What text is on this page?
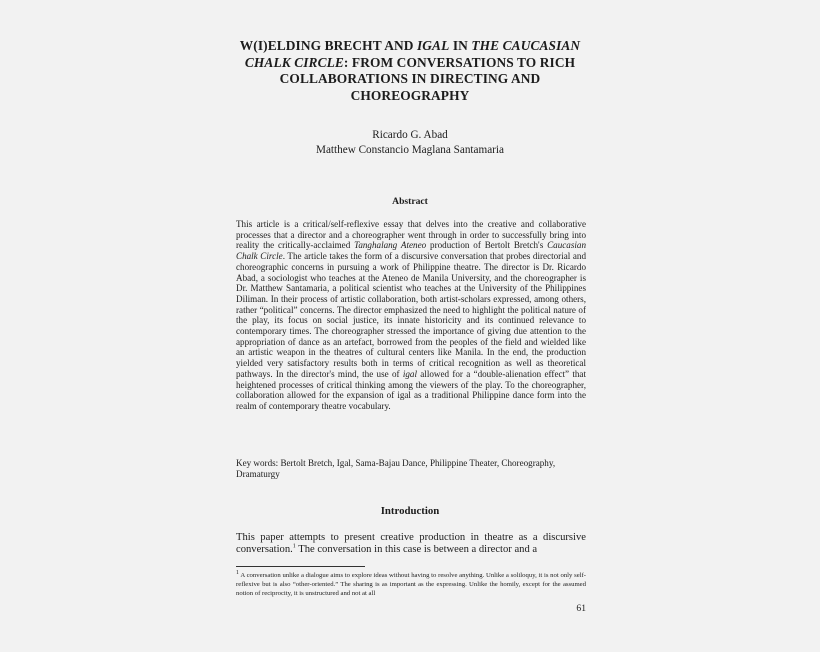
W(I)ELDING BRECHT AND IGAL IN THE CAUCASIAN CHALK CIRCLE: FROM CONVERSATIONS TO RICH COLLABORATIONS IN DIRECTING AND CHOREOGRAPHY
Ricardo G. Abad
Matthew Constancio Maglana Santamaria
Abstract
This article is a critical/self-reflexive essay that delves into the creative and collaborative processes that a director and a choreographer went through in order to successfully bring into reality the critically-acclaimed Tanghalang Ateneo production of Bertolt Bretch's Caucasian Chalk Circle. The article takes the form of a discursive conversation that probes directorial and choreographic concerns in pursuing a work of Philippine theatre. The director is Dr. Ricardo Abad, a sociologist who teaches at the Ateneo de Manila University, and the choreographer is Dr. Matthew Santamaria, a political scientist who teaches at the University of the Philippines Diliman. In their process of artistic collaboration, both artist-scholars expressed, among others, rather “political” concerns. The director emphasized the need to highlight the political nature of the play, its focus on social justice, its innate historicity and its continued relevance to contemporary times. The choreographer stressed the importance of giving due attention to the appropriation of dance as an artefact, borrowed from the peoples of the field and wielded like an artistic weapon in the theatres of cultural centers like Manila. In the end, the production yielded very satisfactory results both in terms of critical recognition as well as theoretical pathways. In the director's mind, the use of igal allowed for a “double-alienation effect” that heightened processes of critical thinking among the viewers of the play. To the choreographer, collaboration allowed for the expansion of igal as a traditional Philippine dance form into the realm of contemporary theatre vocabulary.
Key words: Bertolt Bretch, Igal, Sama-Bajau Dance, Philippine Theater, Choreography, Dramaturgy
Introduction
This paper attempts to present creative production in theatre as a discursive conversation.$^1$ The conversation in this case is between a director and a
$^1$ A conversation unlike a dialogue aims to explore ideas without having to resolve anything. Unlike a soliloquy, it is not only self-reflexive but is also “other-oriented.” The sharing is as important as the expressing. Unlike the homily, except for the assumed notion of reciprocity, it is unstructured and not at all
61
